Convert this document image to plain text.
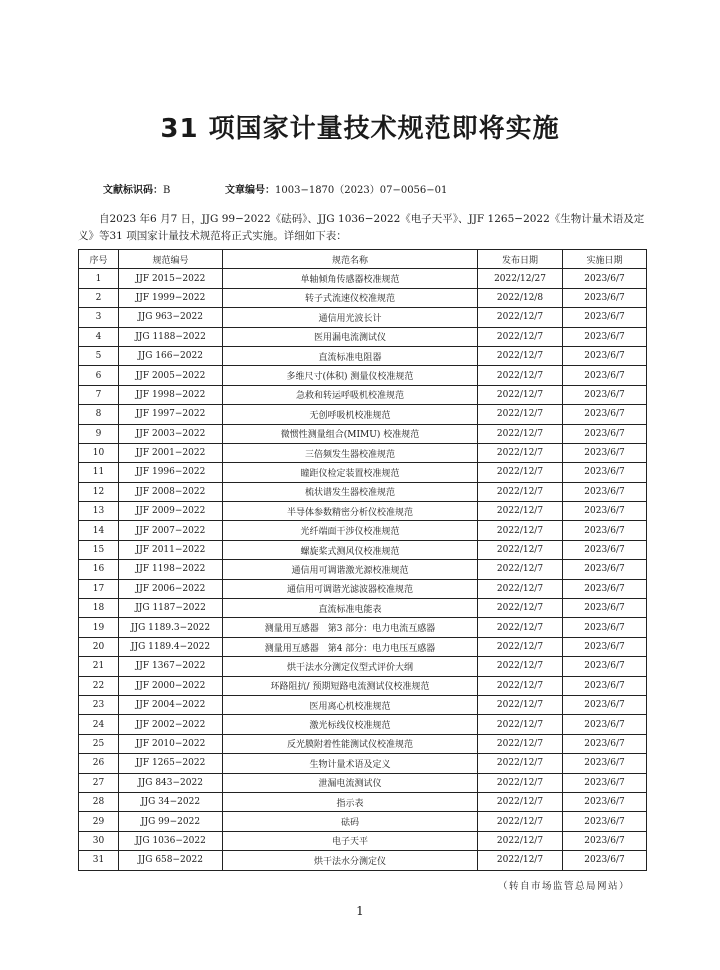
31 项国家计量技术规范即将实施
文献标识码：B	文章编号：1003−1870（2023）07−0056−01
自2023 年6 月7 日，JJG 99−2022《砝码》、JJG 1036−2022《电子天平》、JJF 1265−2022《生物计量术语及定义》等31 项国家计量技术规范将正式实施。详细如下表：
序号	规范编号	规范名称	发布日期	实施日期
1	JJF 2015−2022	单轴倾角传感器校准规范	2022/12/27	2023/6/7
2	JJF 1999−2022	转子式流速仪校准规范	2022/12/8	2023/6/7
3	JJG 963−2022	通信用光波长计	2022/12/7	2023/6/7
4	JJG 1188−2022	医用漏电流测试仪	2022/12/7	2023/6/7
5	JJG 166−2022	直流标准电阻器	2022/12/7	2023/6/7
6	JJF 2005−2022	多维尺寸(体积) 测量仪校准规范	2022/12/7	2023/6/7
7	JJF 1998−2022	急救和转运呼吸机校准规范	2022/12/7	2023/6/7
8	JJF 1997−2022	无创呼吸机校准规范	2022/12/7	2023/6/7
9	JJF 2003−2022	微惯性测量组合(MIMU) 校准规范	2022/12/7	2023/6/7
10	JJF 2001−2022	三倍频发生器校准规范	2022/12/7	2023/6/7
11	JJF 1996−2022	瞳距仪检定装置校准规范	2022/12/7	2023/6/7
12	JJF 2008−2022	梳状谱发生器校准规范	2022/12/7	2023/6/7
13	JJF 2009−2022	半导体参数精密分析仪校准规范	2022/12/7	2023/6/7
14	JJF 2007−2022	光纤端面干涉仪校准规范	2022/12/7	2023/6/7
15	JJF 2011−2022	螺旋桨式测风仪校准规范	2022/12/7	2023/6/7
16	JJF 1198−2022	通信用可调谐激光源校准规范	2022/12/7	2023/6/7
17	JJF 2006−2022	通信用可调谐光滤波器校准规范	2022/12/7	2023/6/7
18	JJG 1187−2022	直流标准电能表	2022/12/7	2023/6/7
19	JJG 1189.3−2022	测量用互感器　第3 部分：电力电流互感器	2022/12/7	2023/6/7
20	JJG 1189.4−2022	测量用互感器　第4 部分：电力电压互感器	2022/12/7	2023/6/7
21	JJF 1367−2022	烘干法水分测定仪型式评价大纲	2022/12/7	2023/6/7
22	JJF 2000−2022	环路阻抗/ 预期短路电流测试仪校准规范	2022/12/7	2023/6/7
23	JJF 2004−2022	医用离心机校准规范	2022/12/7	2023/6/7
24	JJF 2002−2022	激光标线仪校准规范	2022/12/7	2023/6/7
25	JJF 2010−2022	反光膜附着性能测试仪校准规范	2022/12/7	2023/6/7
26	JJF 1265−2022	生物计量术语及定义	2022/12/7	2023/6/7
27	JJG 843−2022	泄漏电流测试仪	2022/12/7	2023/6/7
28	JJG 34−2022	指示表	2022/12/7	2023/6/7
29	JJG 99−2022	砝码	2022/12/7	2023/6/7
30	JJG 1036−2022	电子天平	2022/12/7	2023/6/7
31	JJG 658−2022	烘干法水分测定仪	2022/12/7	2023/6/7
（转自市场监管总局网站）
1
